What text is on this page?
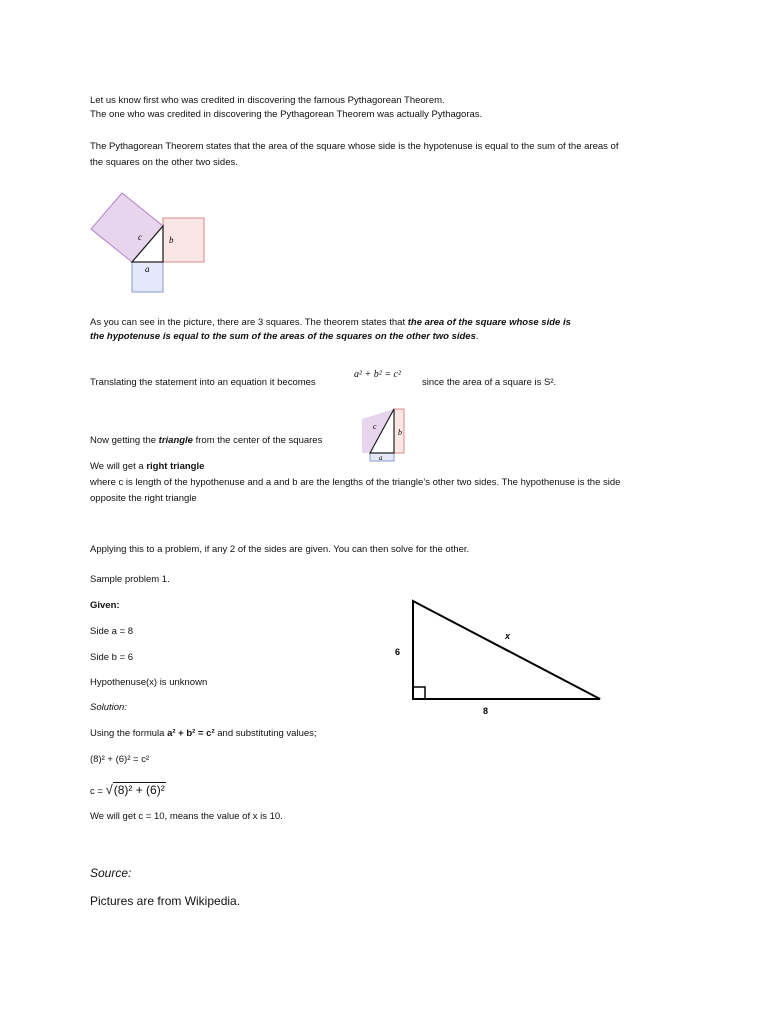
Let us know first who was credited in discovering the famous Pythagorean Theorem.
The one who was credited in discovering the Pythagorean Theorem was actually Pythagoras.
The Pythagorean Theorem states that the area of the square whose side is the hypotenuse is equal to the sum of the areas of
the squares on the other two sides.
c	b
a
As you can see in the picture, there are 3 squares. The theorem states that the area of the square whose side is
the hypotenuse is equal to the sum of the areas of the squares on the other two sides.
Translating the statement into an equation it becomes
a² + b² = c²
since the area of a square is S².
Now getting the triangle from the center of the squares
c
b
a
We will get a right triangle
where c is length of the hypothenuse and a and b are the lengths of the triangle’s other two sides. The hypothenuse is the side
opposite the right triangle
Applying this to a problem, if any 2 of the sides are given. You can then solve for the other.
Sample problem 1.
Given:
Side a = 8
Side b = 6
Hypothenuse(x) is unknown
Solution:
Using the formula a² + b² = c² and substituting values;
(8)² + (6)² = c²
c = √(8)² + (6)²
We will get c = 10, means the value of x is 10.
x
6
8
Source:
Pictures are from Wikipedia.
